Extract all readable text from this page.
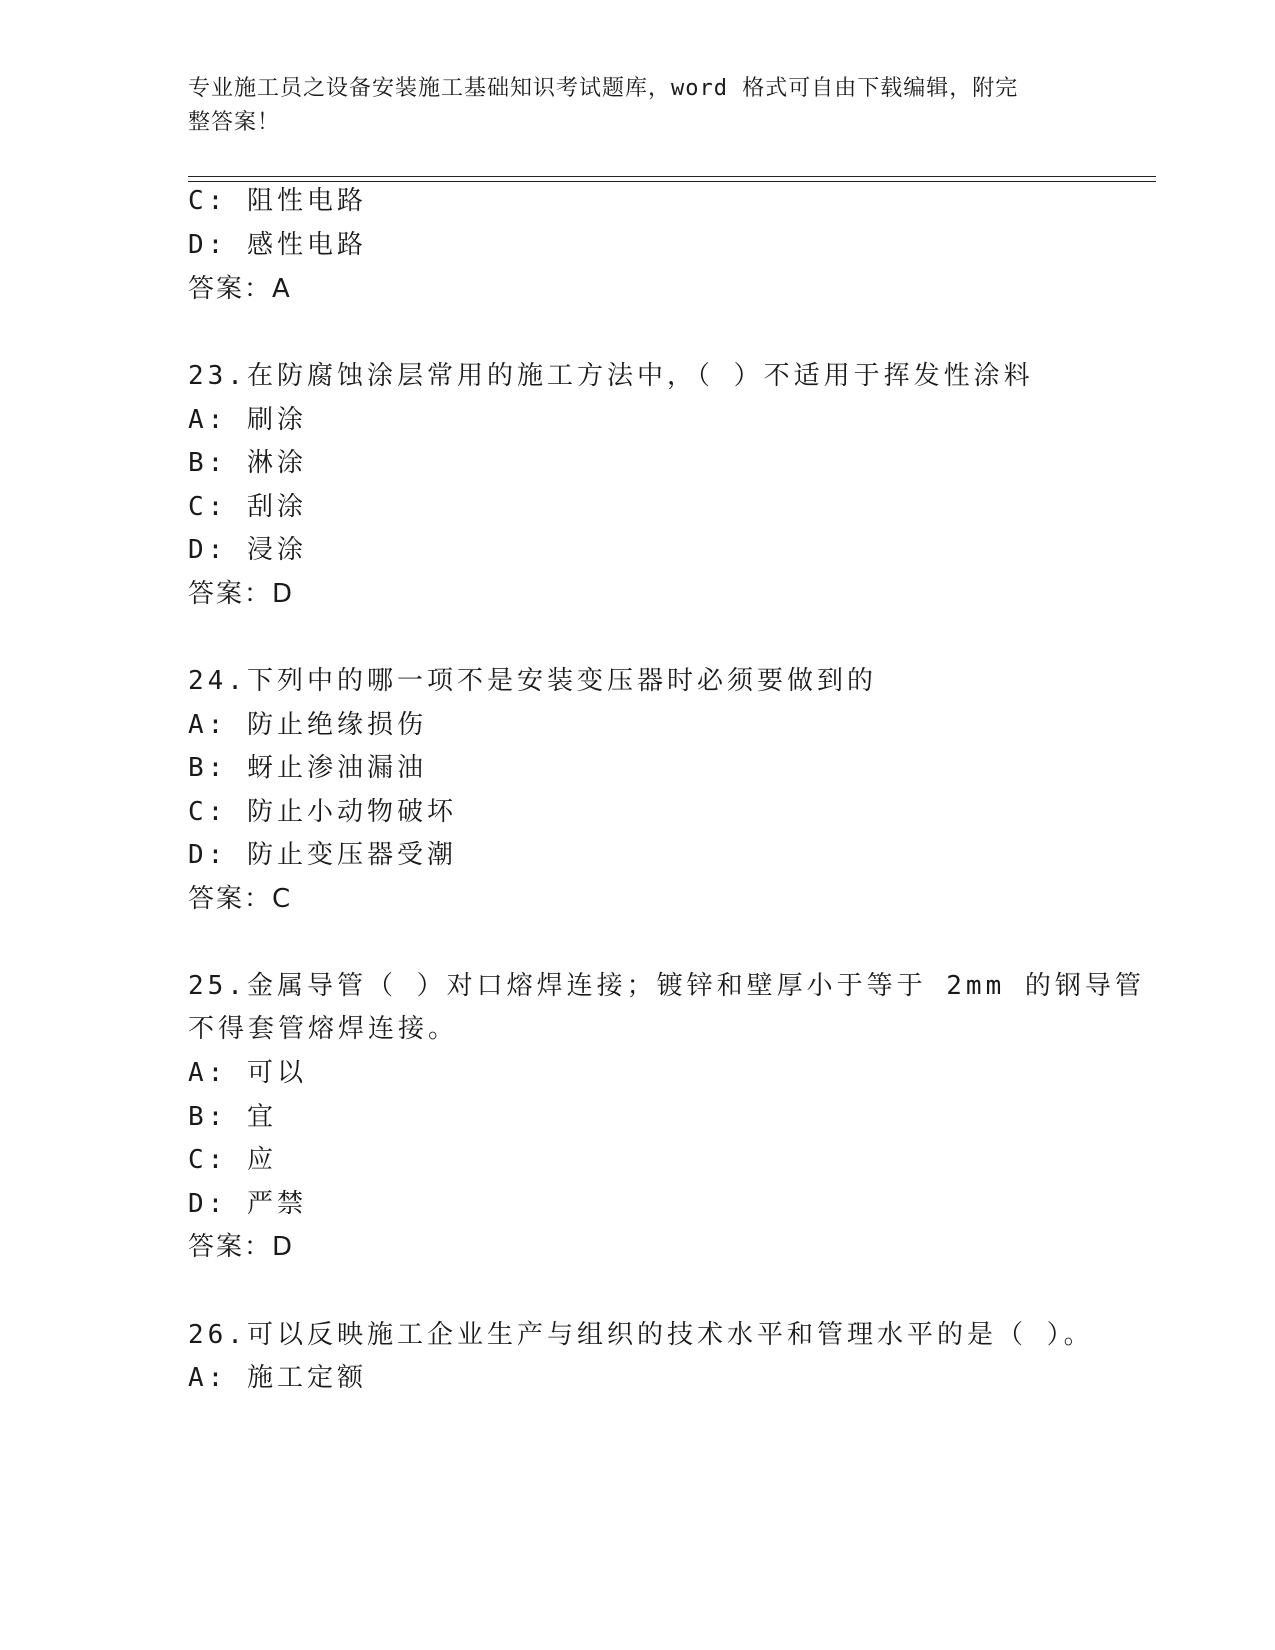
专业施工员之设备安装施工基础知识考试题库，word 格式可自由下载编辑，附完
整答案！
C: 阻性电路
D: 感性电路
答案：A
23.在防腐蚀涂层常用的施工方法中，（ ）不适用于挥发性涂料
A: 刷涂
B: 淋涂
C: 刮涂
D: 浸涂
答案：D
24.下列中的哪一项不是安装变压器时必须要做到的
A: 防止绝缘损伤
B: 蚜止渗油漏油
C: 防止小动物破坏
D: 防止变压器受潮
答案：C
25.金属导管（ ）对口熔焊连接；镀锌和壁厚小于等于 2mm 的钢导管
不得套管熔焊连接。
A: 可以
B: 宜
C: 应
D: 严禁
答案：D
26.可以反映施工企业生产与组织的技术水平和管理水平的是（ ）。
A: 施工定额
